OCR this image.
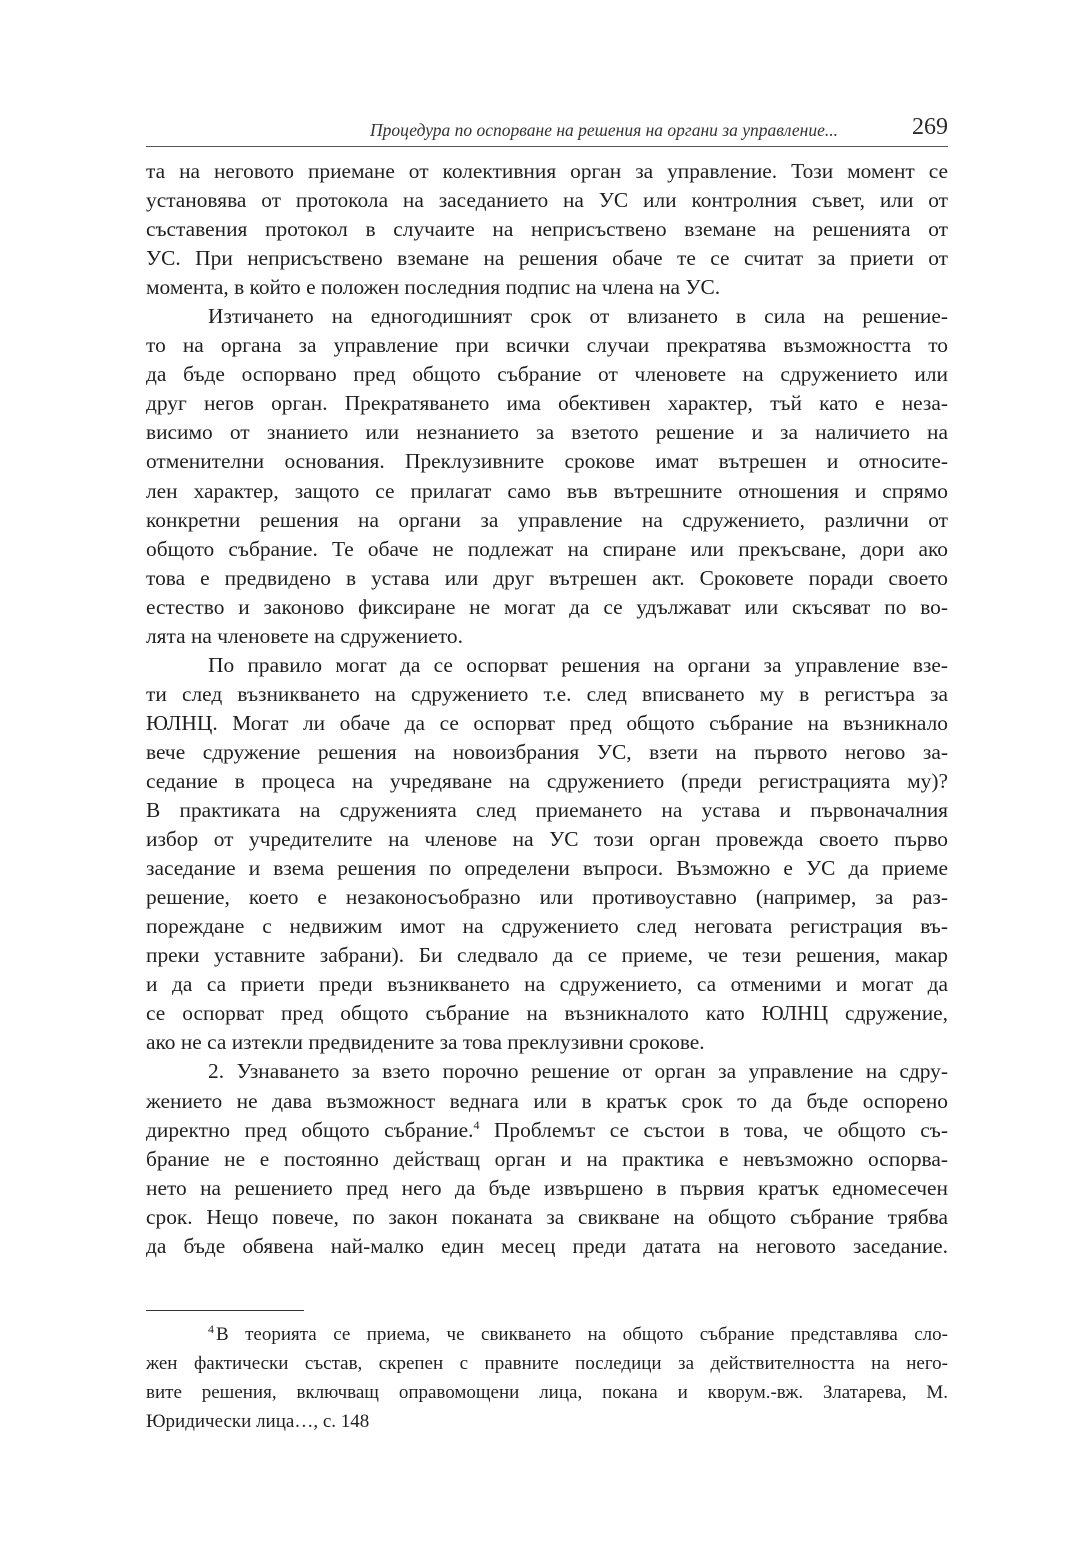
Процедура по оспорване на решения на органи за управление...	269
та на неговото приемане от колективния орган за управление. Този момент се
установява от протокола на заседанието на УС или контролния съвет, или от
съставения протокол в случаите на неприсъствено вземане на решенията от
УС. При неприсъствено вземане на решения обаче те се считат за приети от
момента, в който е положен последния подпис на члена на УС.
Изтичането на едногодишният срок от влизането в сила на решение-
то на органа за управление при всички случаи прекратява възможността то
да бъде оспорвано пред общото събрание от членовете на сдружението или
друг негов орган. Прекратяването има обективен характер, тъй като е неза-
висимо от знанието или незнанието за взетото решение и за наличието на
отменителни основания. Преклузивните срокове имат вътрешен и относите-
лен характер, защото се прилагат само във вътрешните отношения и спрямо
конкретни решения на органи за управление на сдружението, различни от
общото събрание. Те обаче не подлежат на спиране или прекъсване, дори ако
това е предвидено в устава или друг вътрешен акт. Сроковете поради своето
естество и законово фиксиране не могат да се удължават или скъсяват по во-
лята на членовете на сдружението.
По правило могат да се оспорват решения на органи за управление взе-
ти след възникването на сдружението т.е. след вписването му в регистъра за
ЮЛНЦ. Могат ли обаче да се оспорват пред общото събрание на възникнало
вече сдружение решения на новоизбрания УС, взети на първото негово за-
седание в процеса на учредяване на сдружението (преди регистрацията му)?
В практиката на сдруженията след приемането на устава и първоначалния
избор от учредителите на членове на УС този орган провежда своето първо
заседание и взема решения по определени въпроси. Възможно е УС да приеме
решение, което е незаконосъобразно или противоуставно (например, за раз-
пореждане с недвижим имот на сдружението след неговата регистрация въ-
преки уставните забрани). Би следвало да се приеме, че тези решения, макар
и да са приети преди възникването на сдружението, са отменими и могат да
се оспорват пред общото събрание на възникналото като ЮЛНЦ сдружение,
ако не са изтекли предвидените за това преклузивни срокове.
2. Узнаването за взето порочно решение от орган за управление на сдру-
жението не дава възможност веднага или в кратък срок то да бъде оспорено
директно пред общото събрание.$^4$ Проблемът се състои в това, че общото съ-
брание не е постоянно действащ орган и на практика е невъзможно оспорва-
нето на решението пред него да бъде извършено в първия кратък едномесечен
срок. Нещо повече, по закон поканата за свикване на общото събрание трябва
да бъде обявена най-малко един месец преди датата на неговото заседание.
$^4$ В теорията се приема, че свикването на общото събрание представлява сло-
жен фактически състав, скрепен с правните последици за действителността на него-
вите решения, включващ оправомощени лица, покана и кворум.-вж. Златарева, М.
Юридически лица…, с. 148
